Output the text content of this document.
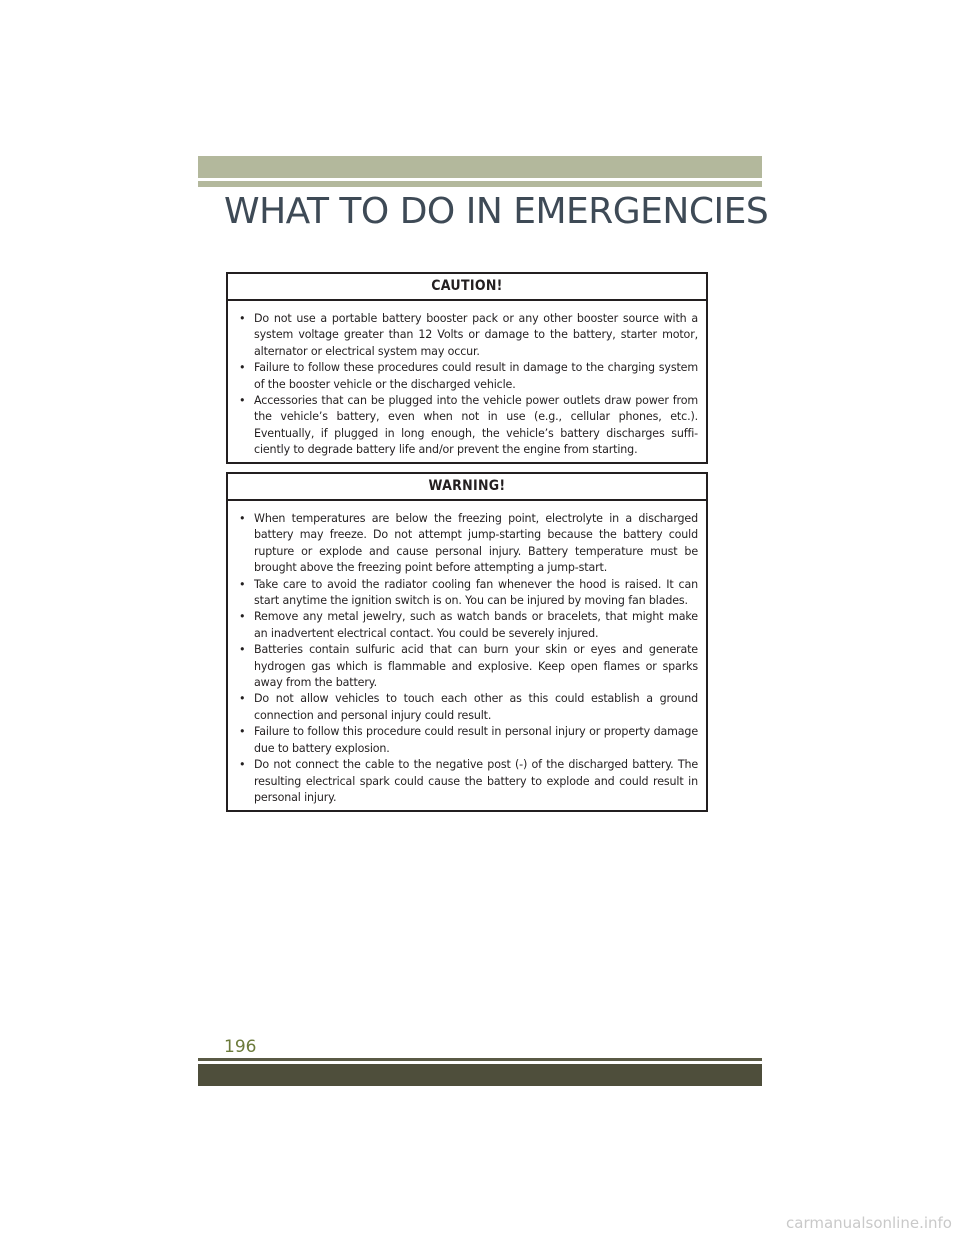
WHAT TO DO IN EMERGENCIES
CAUTION!
• Do not use a portable battery booster pack or any other booster source with a system voltage greater than 12 Volts or damage to the battery, starter motor, alternator or electrical system may occur.
• Failure to follow these procedures could result in damage to the charging system of the booster vehicle or the discharged vehicle.
• Accessories that can be plugged into the vehicle power outlets draw power from the vehicle’s battery, even when not in use (e.g., cellular phones, etc.). Eventually, if plugged in long enough, the vehicle’s battery discharges suffi-ciently to degrade battery life and/or prevent the engine from starting.
WARNING!
• When temperatures are below the freezing point, electrolyte in a discharged battery may freeze. Do not attempt jump-starting because the battery could rupture or explode and cause personal injury. Battery temperature must be brought above the freezing point before attempting a jump-start.
• Take care to avoid the radiator cooling fan whenever the hood is raised. It can start anytime the ignition switch is on. You can be injured by moving fan blades.
• Remove any metal jewelry, such as watch bands or bracelets, that might make an inadvertent electrical contact. You could be severely injured.
• Batteries contain sulfuric acid that can burn your skin or eyes and generate hydrogen gas which is flammable and explosive. Keep open flames or sparks away from the battery.
• Do not allow vehicles to touch each other as this could establish a ground connection and personal injury could result.
• Failure to follow this procedure could result in personal injury or property damage due to battery explosion.
• Do not connect the cable to the negative post (-) of the discharged battery. The resulting electrical spark could cause the battery to explode and could result in personal injury.
196
carmanualsonline.info
